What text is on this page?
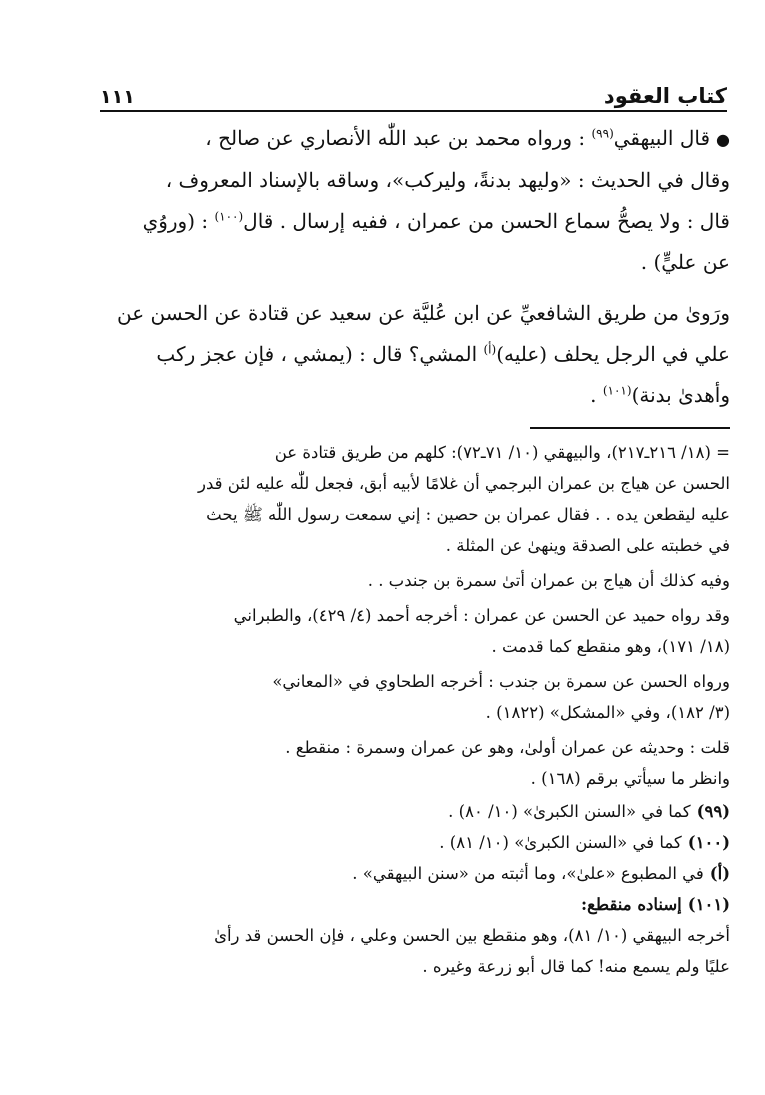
١١١	كتاب العقود

●قال البيهقي$^{(٩٩)}$ : ورواه محمد بن عبد اللّٰه الأنصاري عن صالح ،
وقال في الحديث : «وليهد بدنةً، وليركب»، وساقه بالإسناد المعروف ،
قال : ولا يصحُّ سماع الحسن من عمران ، ففيه إرسال . قال$^{(١٠٠)}$ : (وروُي
عن عليٍّ) .

ورَوىٰ من طريق الشافعيِّ عن ابن عُليَّة عن سعيد عن قتادة عن الحسن عن
علي في الرجل يحلف (عليه)$^{(أ)}$ المشي؟ قال : (يمشي ، فإن عجز ركب
وأهدىٰ بدنة)$^{(١٠١)}$ .

= (١٨/ ٢١٦ـ٢١٧)، والبيهقي (١٠/ ٧١ـ٧٢): كلهم من طريق قتادة عن

الحسن عن هياج بن عمران البرجمي أن غلامًا لأبيه أبق، فجعل للّٰه عليه لئن قدر

عليه ليقطعن يده . . فقال عمران بن حصين : إني سمعت رسول اللّٰه ﷺ يحث

في خطبته على الصدقة وينهىٰ عن المثلة .

وفيه كذلك أن هياج بن عمران أتىٰ سمرة بن جندب . .

وقد رواه حميد عن الحسن عن عمران : أخرجه أحمد (٤/ ٤٢٩)، والطبراني

(١٨/ ١٧١)، وهو منقطع كما قدمت .

ورواه الحسن عن سمرة بن جندب : أخرجه الطحاوي في «المعاني»

(٣/ ١٨٢)، وفي «المشكل» (١٨٢٢) .

قلت : وحديثه عن عمران أولىٰ، وهو عن عمران وسمرة : منقطع .

وانظر ما سيأتي برقم (١٦٨) .

(٩٩)كما في «السنن الكبرىٰ» (١٠/ ٨٠) .

(١٠٠)كما في «السنن الكبرىٰ» (١٠/ ٨١) .

(أ)في المطبوع «علىٰ»، وما أثبته من «سنن البيهقي» .

(١٠١)إسناده منقطع:

أخرجه البيهقي (١٠/ ٨١)، وهو منقطع بين الحسن وعلي ، فإن الحسن قد رأىٰ

عليًا ولم يسمع منه! كما قال أبو زرعة وغيره .
